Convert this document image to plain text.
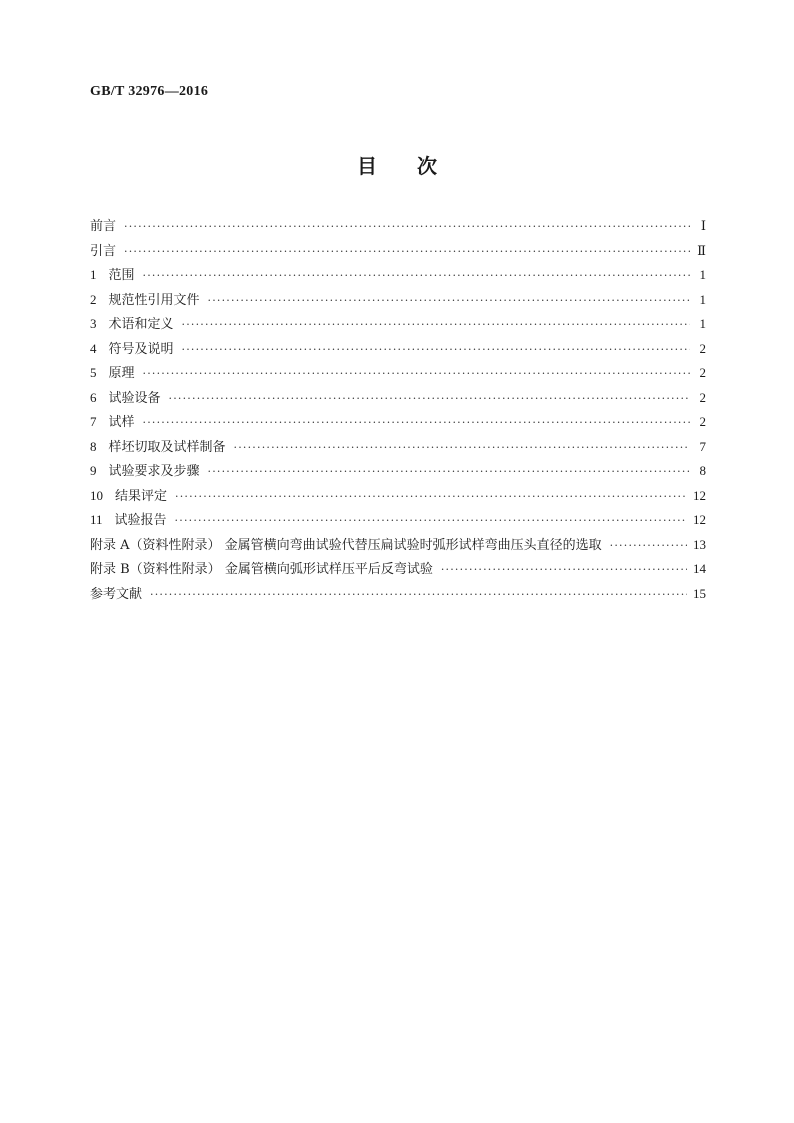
GB/T 32976—2016
目次
前言 ·····	Ⅰ
引言 ·····	Ⅱ
1 范围 ·····	1
2 规范性引用文件 ·····	1
3 术语和定义 ·····	1
4 符号及说明 ·····	2
5 原理 ·····	2
6 试验设备 ·····	2
7 试样 ·····	2
8 样坯切取及试样制备 ·····	7
9 试验要求及步骤 ·····	8
10 结果评定 ·····	12
11 试验报告 ·····	12
附录 A（资料性附录） 金属管横向弯曲试验代替压扁试验时弧形试样弯曲压头直径的选取 ·····	13
附录 B（资料性附录） 金属管横向弧形试样压平后反弯试验 ·····	14
参考文献 ·····	15
